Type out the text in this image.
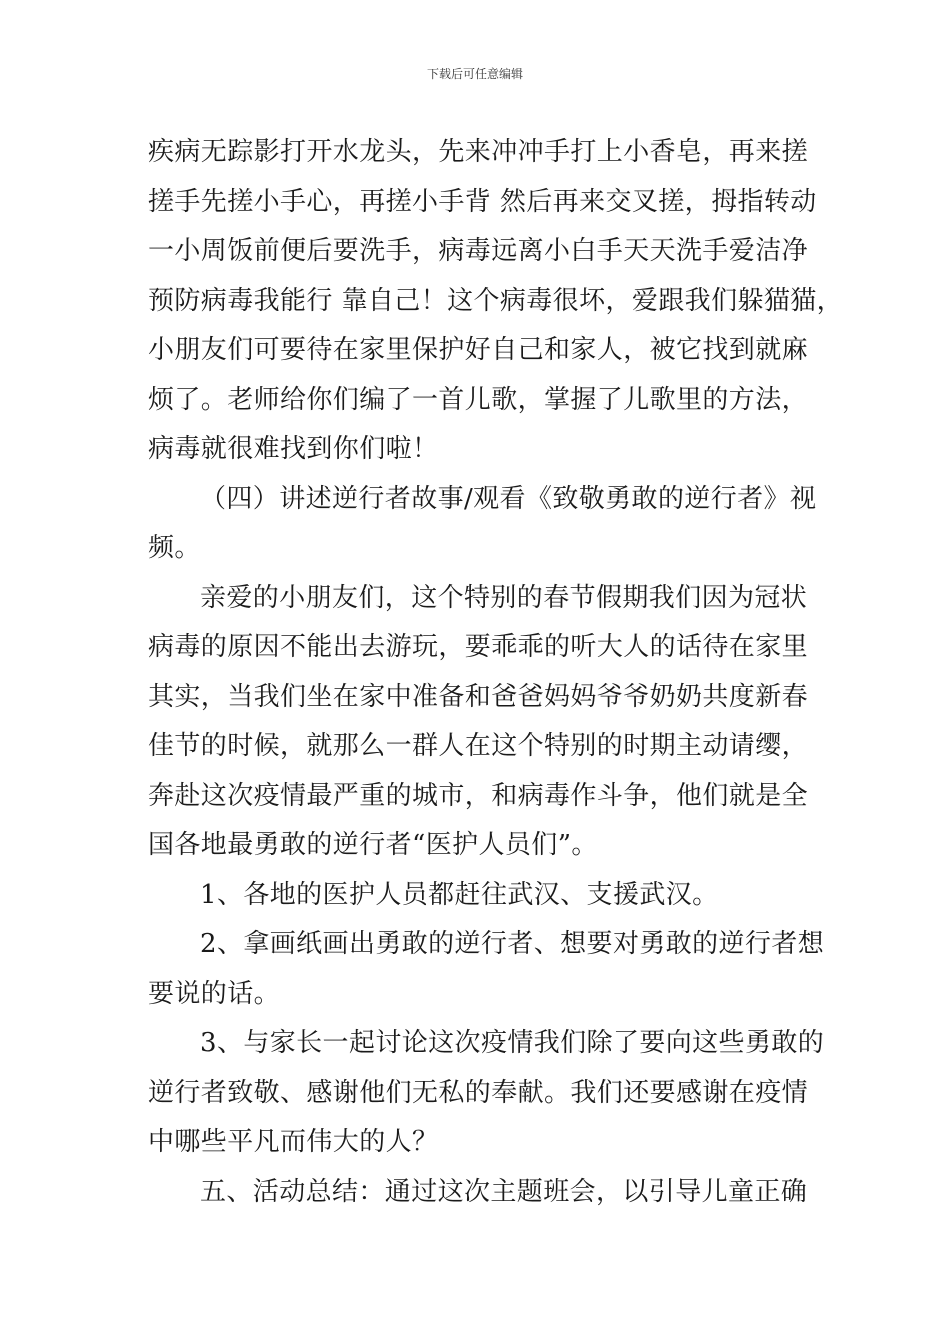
下载后可任意编辑
疾病无踪影打开水龙头，先来冲冲手打上小香皂，再来搓
搓手先搓小手心，再搓小手背 然后再来交叉搓，拇指转动
一小周饭前便后要洗手，病毒远离小白手天天洗手爱洁净
预防病毒我能行 靠自己！这个病毒很坏，爱跟我们躲猫猫，
小朋友们可要待在家里保护好自己和家人，被它找到就麻
烦了。老师给你们编了一首儿歌，掌握了儿歌里的方法，
病毒就很难找到你们啦！
（四）讲述逆行者故事/观看《致敬勇敢的逆行者》视
频。
亲爱的小朋友们，这个特别的春节假期我们因为冠状
病毒的原因不能出去游玩，要乖乖的听大人的话待在家里
其实，当我们坐在家中准备和爸爸妈妈爷爷奶奶共度新春
佳节的时候，就那么一群人在这个特别的时期主动请缨，
奔赴这次疫情最严重的城市，和病毒作斗争，他们就是全
国各地最勇敢的逆行者“医护人员们”。
1、各地的医护人员都赶往武汉、支援武汉。
2、拿画纸画出勇敢的逆行者、想要对勇敢的逆行者想
要说的话。
3、与家长一起讨论这次疫情我们除了要向这些勇敢的
逆行者致敬、感谢他们无私的奉献。我们还要感谢在疫情
中哪些平凡而伟大的人？
五、活动总结：通过这次主题班会，以引导儿童正确
